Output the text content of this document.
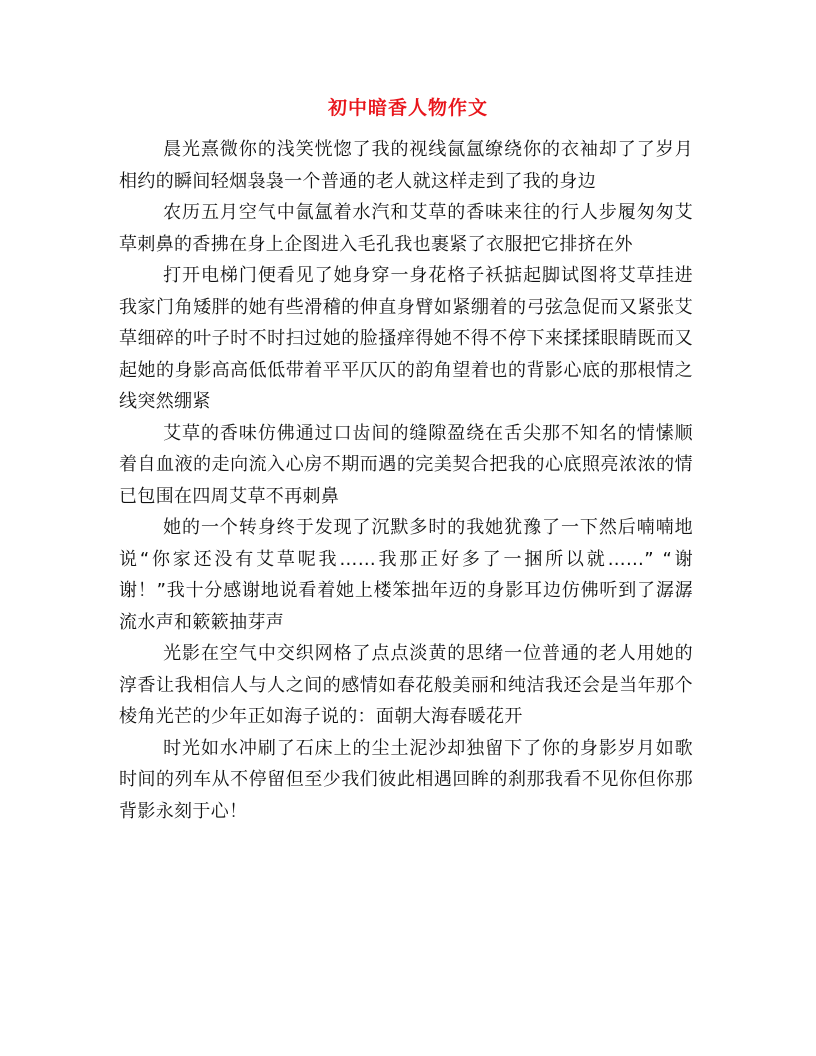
初中暗香人物作文

晨光熹微你的浅笑恍惚了我的视线氤氲缭绕你的衣袖却了了岁月相约的瞬间轻烟袅袅一个普通的老人就这样走到了我的身边

农历五月空气中氤氲着水汽和艾草的香味来往的行人步履匆匆艾草刺鼻的香拂在身上企图进入毛孔我也裹紧了衣服把它排挤在外

打开电梯门便看见了她身穿一身花格子袄掂起脚试图将艾草挂进我家门角矮胖的她有些滑稽的伸直身臂如紧绷着的弓弦急促而又紧张艾草细碎的叶子时不时扫过她的脸搔痒得她不得不停下来揉揉眼睛既而又起她的身影高高低低带着平平仄仄的韵角望着也的背影心底的那根情之线突然绷紧

艾草的香味仿佛通过口齿间的缝隙盈绕在舌尖那不知名的情愫顺着自血液的走向流入心房不期而遇的完美契合把我的心底照亮浓浓的情已包围在四周艾草不再刺鼻

她的一个转身终于发现了沉默多时的我她犹豫了一下然后喃喃地说“你家还没有艾草呢我……我那正好多了一捆所以就……” “谢谢！”我十分感谢地说看着她上楼笨拙年迈的身影耳边仿佛听到了潺潺流水声和簌簌抽芽声

光影在空气中交织网格了点点淡黄的思绪一位普通的老人用她的淳香让我相信人与人之间的感情如春花般美丽和纯洁我还会是当年那个棱角光芒的少年正如海子说的：面朝大海春暖花开

时光如水冲刷了石床上的尘土泥沙却独留下了你的身影岁月如歌时间的列车从不停留但至少我们彼此相遇回眸的刹那我看不见你但你那背影永刻于心！
